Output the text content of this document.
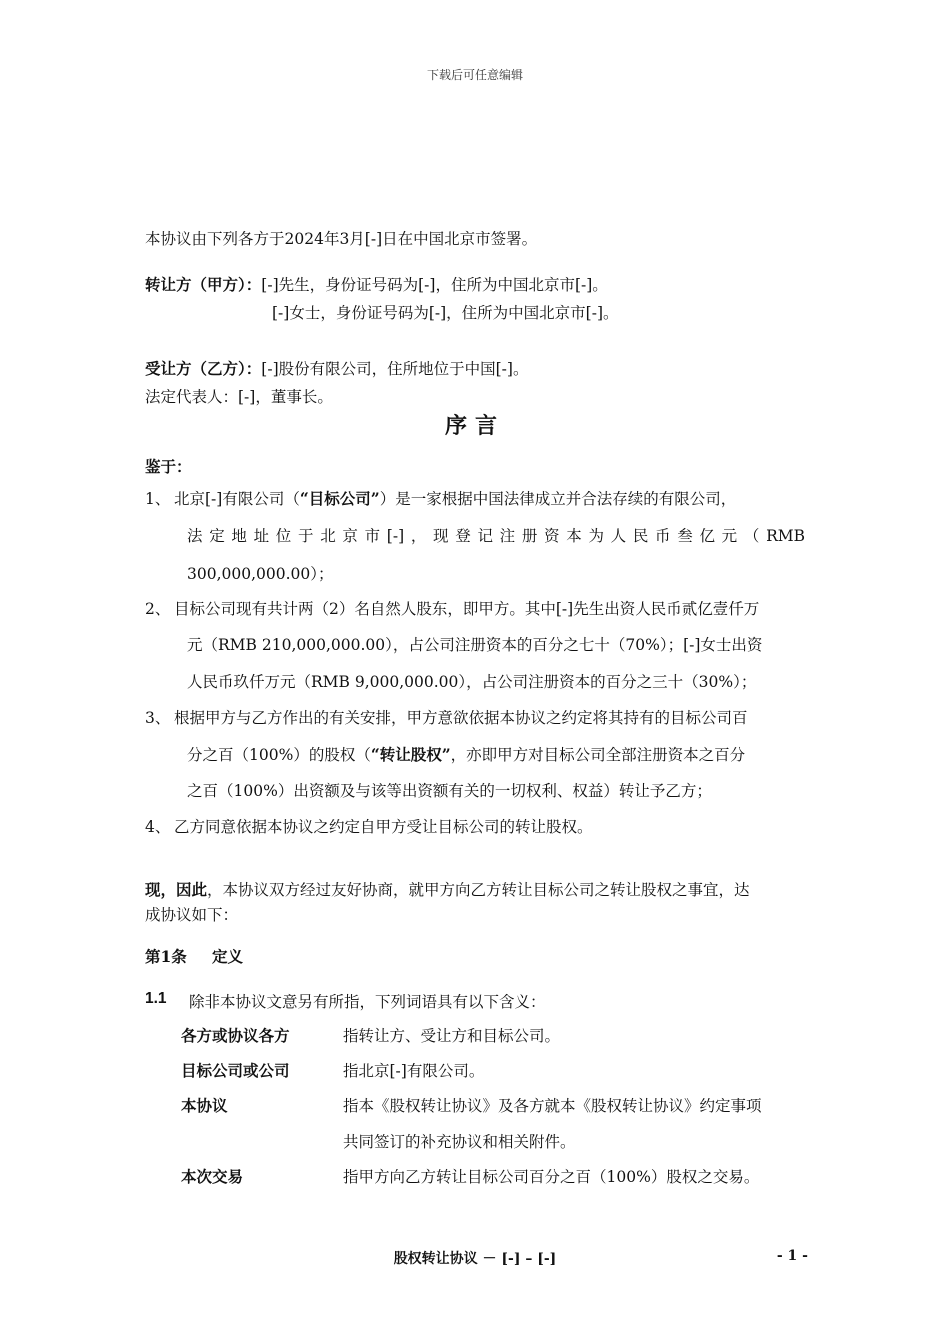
下载后可任意编辑
本协议由下列各方于2024年3月[-]日在中国北京市签署。
转让方（甲方）：[-]先生，身份证号码为[-]，住所为中国北京市[-]。
[-]女士，身份证号码为[-]，住所为中国北京市[-]。
受让方（乙方）：[-]股份有限公司，住所地位于中国[-]。
法定代表人：[-]，董事长。
序言
鉴于：
1、 北京[-]有限公司（“目标公司”）是一家根据中国法律成立并合法存续的有限公司，
法定地址位于北京市[-]，现登记注册资本为人民币叁亿元（RMB
300,000,000.00）；
2、 目标公司现有共计两（2）名自然人股东，即甲方。其中[-]先生出资人民币贰亿壹仟万
元（RMB 210,000,000.00），占公司注册资本的百分之七十（70%）；[-]女士出资
人民币玖仟万元（RMB 9,000,000.00），占公司注册资本的百分之三十（30%）；
3、 根据甲方与乙方作出的有关安排，甲方意欲依据本协议之约定将其持有的目标公司百
分之百（100%）的股权（“转让股权”，亦即甲方对目标公司全部注册资本之百分
之百（100%）出资额及与该等出资额有关的一切权利、权益）转让予乙方；
4、 乙方同意依据本协议之约定自甲方受让目标公司的转让股权。
现，因此，本协议双方经过友好协商，就甲方向乙方转让目标公司之转让股权之事宜，达
成协议如下：
第1条 定义
1.1 除非本协议文意另有所指，下列词语具有以下含义：
各方或协议各方	指转让方、受让方和目标公司。
目标公司或公司	指北京[-]有限公司。
本协议	指本《股权转让协议》及各方就本《股权转让协议》约定事项
共同签订的补充协议和相关附件。
本次交易	指甲方向乙方转让目标公司百分之百（100%）股权之交易。
股权转让协议 － [-] – [-]	- 1 -
